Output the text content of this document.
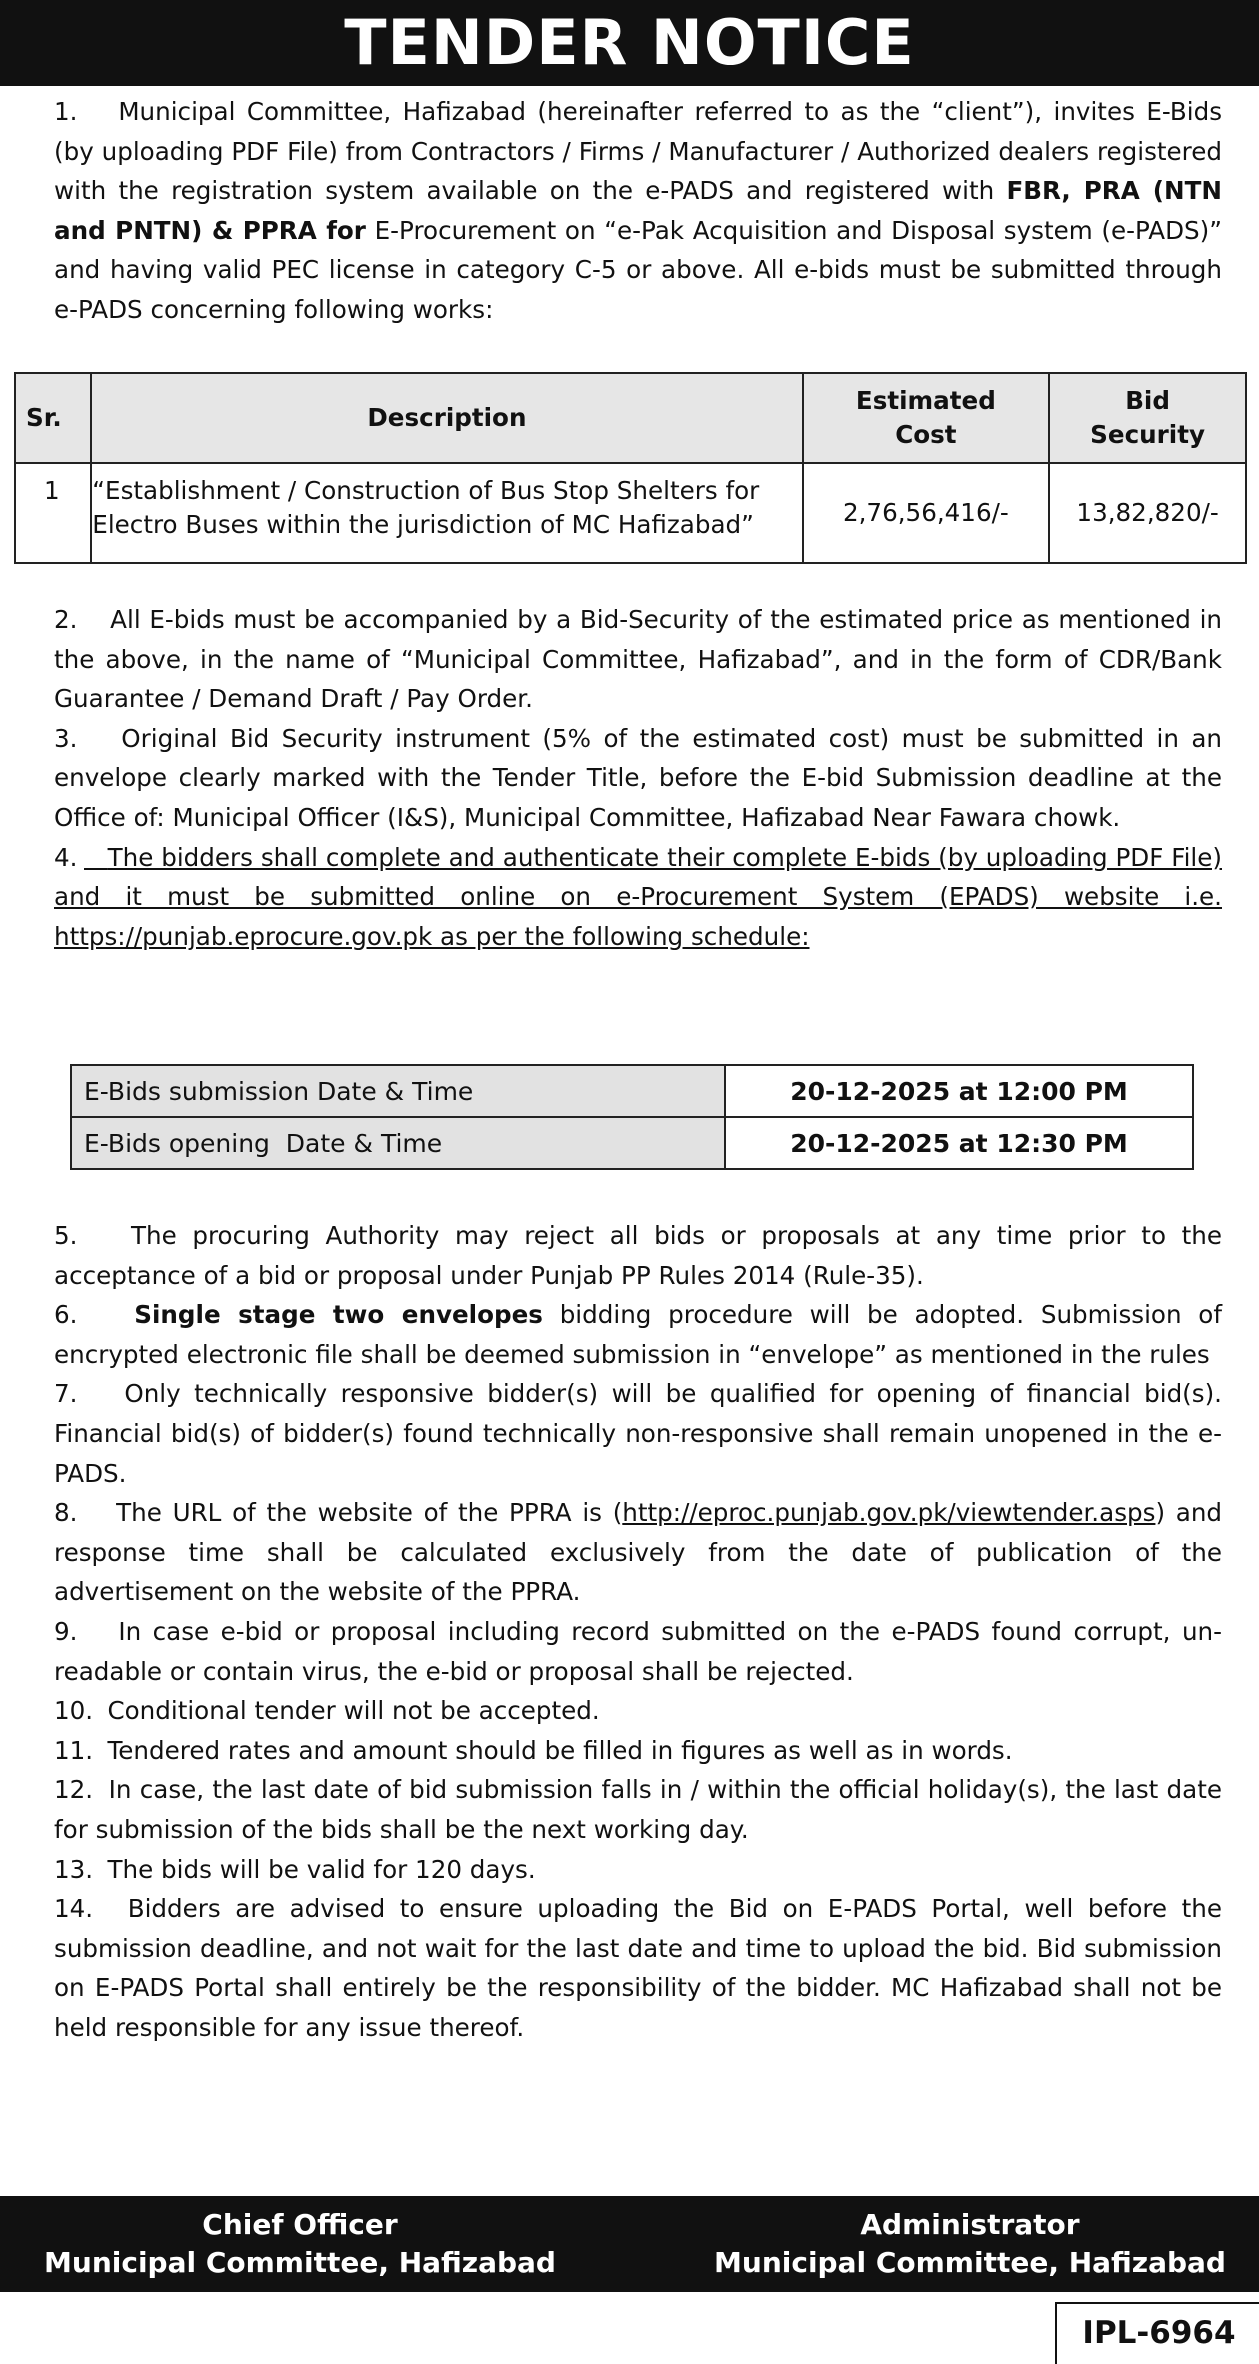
TENDER NOTICE

1. Municipal Committee, Hafizabad (hereinafter referred to as the “client”), invites E-Bids (by uploading PDF File) from Contractors / Firms / Manufacturer / Authorized dealers registered with the registration system available on the e-PADS and registered with FBR, PRA (NTN and PNTN) & PPRA for E-Procurement on “e-Pak Acquisition and Disposal system (e-PADS)” and having valid PEC license in category C-5 or above. All e-bids must be submitted through e-PADS concerning following works:

Sr.	Description	Estimated Cost	Bid Security
1	“Establishment / Construction of Bus Stop Shelters for Electro Buses within the jurisdiction of MC Hafizabad”	2,76,56,416/-	13,82,820/-

2. All E-bids must be accompanied by a Bid-Security of the estimated price as mentioned in the above, in the name of “Municipal Committee, Hafizabad”, and in the form of CDR/Bank Guarantee / Demand Draft / Pay Order.

3. Original Bid Security instrument (5% of the estimated cost) must be submitted in an envelope clearly marked with the Tender Title, before the E-bid Submission deadline at the Office of: Municipal Officer (I&S), Municipal Committee, Hafizabad Near Fawara chowk.

4. The bidders shall complete and authenticate their complete E-bids (by uploading PDF File) and it must be submitted online on e-Procurement System (EPADS) website i.e. https://punjab.eprocure.gov.pk as per the following schedule:

E-Bids submission Date & Time	20-12-2025 at 12:00 PM
E-Bids opening  Date & Time	20-12-2025 at 12:30 PM

5. The procuring Authority may reject all bids or proposals at any time prior to the acceptance of a bid or proposal under Punjab PP Rules 2014 (Rule-35).

6. Single stage two envelopes bidding procedure will be adopted. Submission of encrypted electronic file shall be deemed submission in “envelope” as mentioned in the rules

7. Only technically responsive bidder(s) will be qualified for opening of financial bid(s). Financial bid(s) of bidder(s) found technically non-responsive shall remain unopened in the e-PADS.

8. The URL of the website of the PPRA is (http://eproc.punjab.gov.pk/viewtender.asps) and response time shall be calculated exclusively from the date of publication of the advertisement on the website of the PPRA.

9. In case e-bid or proposal including record submitted on the e-PADS found corrupt, un-readable or contain virus, the e-bid or proposal shall be rejected.

10. Conditional tender will not be accepted.

11. Tendered rates and amount should be filled in figures as well as in words.

12. In case, the last date of bid submission falls in / within the official holiday(s), the last date for submission of the bids shall be the next working day.

13. The bids will be valid for 120 days.

14. Bidders are advised to ensure uploading the Bid on E-PADS Portal, well before the submission deadline, and not wait for the last date and time to upload the bid. Bid submission on E-PADS Portal shall entirely be the responsibility of the bidder. MC Hafizabad shall not be held responsible for any issue thereof.

Chief Officer
Municipal Committee, Hafizabad
Administrator
Municipal Committee, Hafizabad
IPL-6964
